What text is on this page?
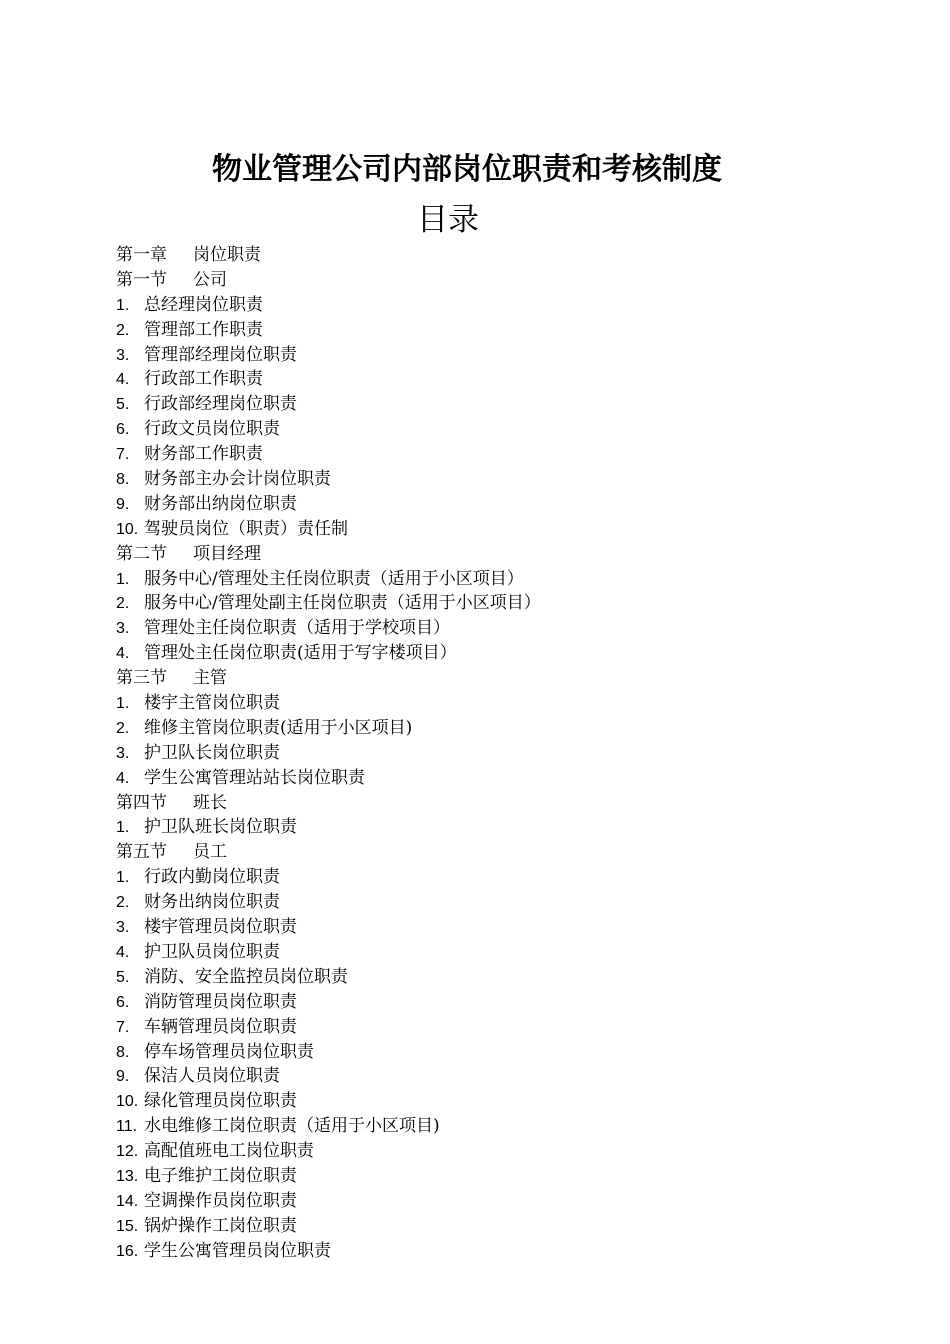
物业管理公司内部岗位职责和考核制度
目录
第一章 岗位职责
第一节 公司
1. 总经理岗位职责
2. 管理部工作职责
3. 管理部经理岗位职责
4. 行政部工作职责
5. 行政部经理岗位职责
6. 行政文员岗位职责
7. 财务部工作职责
8. 财务部主办会计岗位职责
9. 财务部出纳岗位职责
10. 驾驶员岗位（职责）责任制
第二节 项目经理
1. 服务中心/管理处主任岗位职责（适用于小区项目）
2. 服务中心/管理处副主任岗位职责（适用于小区项目）
3. 管理处主任岗位职责（适用于学校项目）
4. 管理处主任岗位职责(适用于写字楼项目）
第三节 主管
1. 楼宇主管岗位职责
2. 维修主管岗位职责(适用于小区项目)
3. 护卫队长岗位职责
4. 学生公寓管理站站长岗位职责
第四节 班长
1. 护卫队班长岗位职责
第五节 员工
1. 行政内勤岗位职责
2. 财务出纳岗位职责
3. 楼宇管理员岗位职责
4. 护卫队员岗位职责
5. 消防、安全监控员岗位职责
6. 消防管理员岗位职责
7. 车辆管理员岗位职责
8. 停车场管理员岗位职责
9. 保洁人员岗位职责
10. 绿化管理员岗位职责
11. 水电维修工岗位职责（适用于小区项目)
12. 高配值班电工岗位职责
13. 电子维护工岗位职责
14. 空调操作员岗位职责
15. 锅炉操作工岗位职责
16. 学生公寓管理员岗位职责
